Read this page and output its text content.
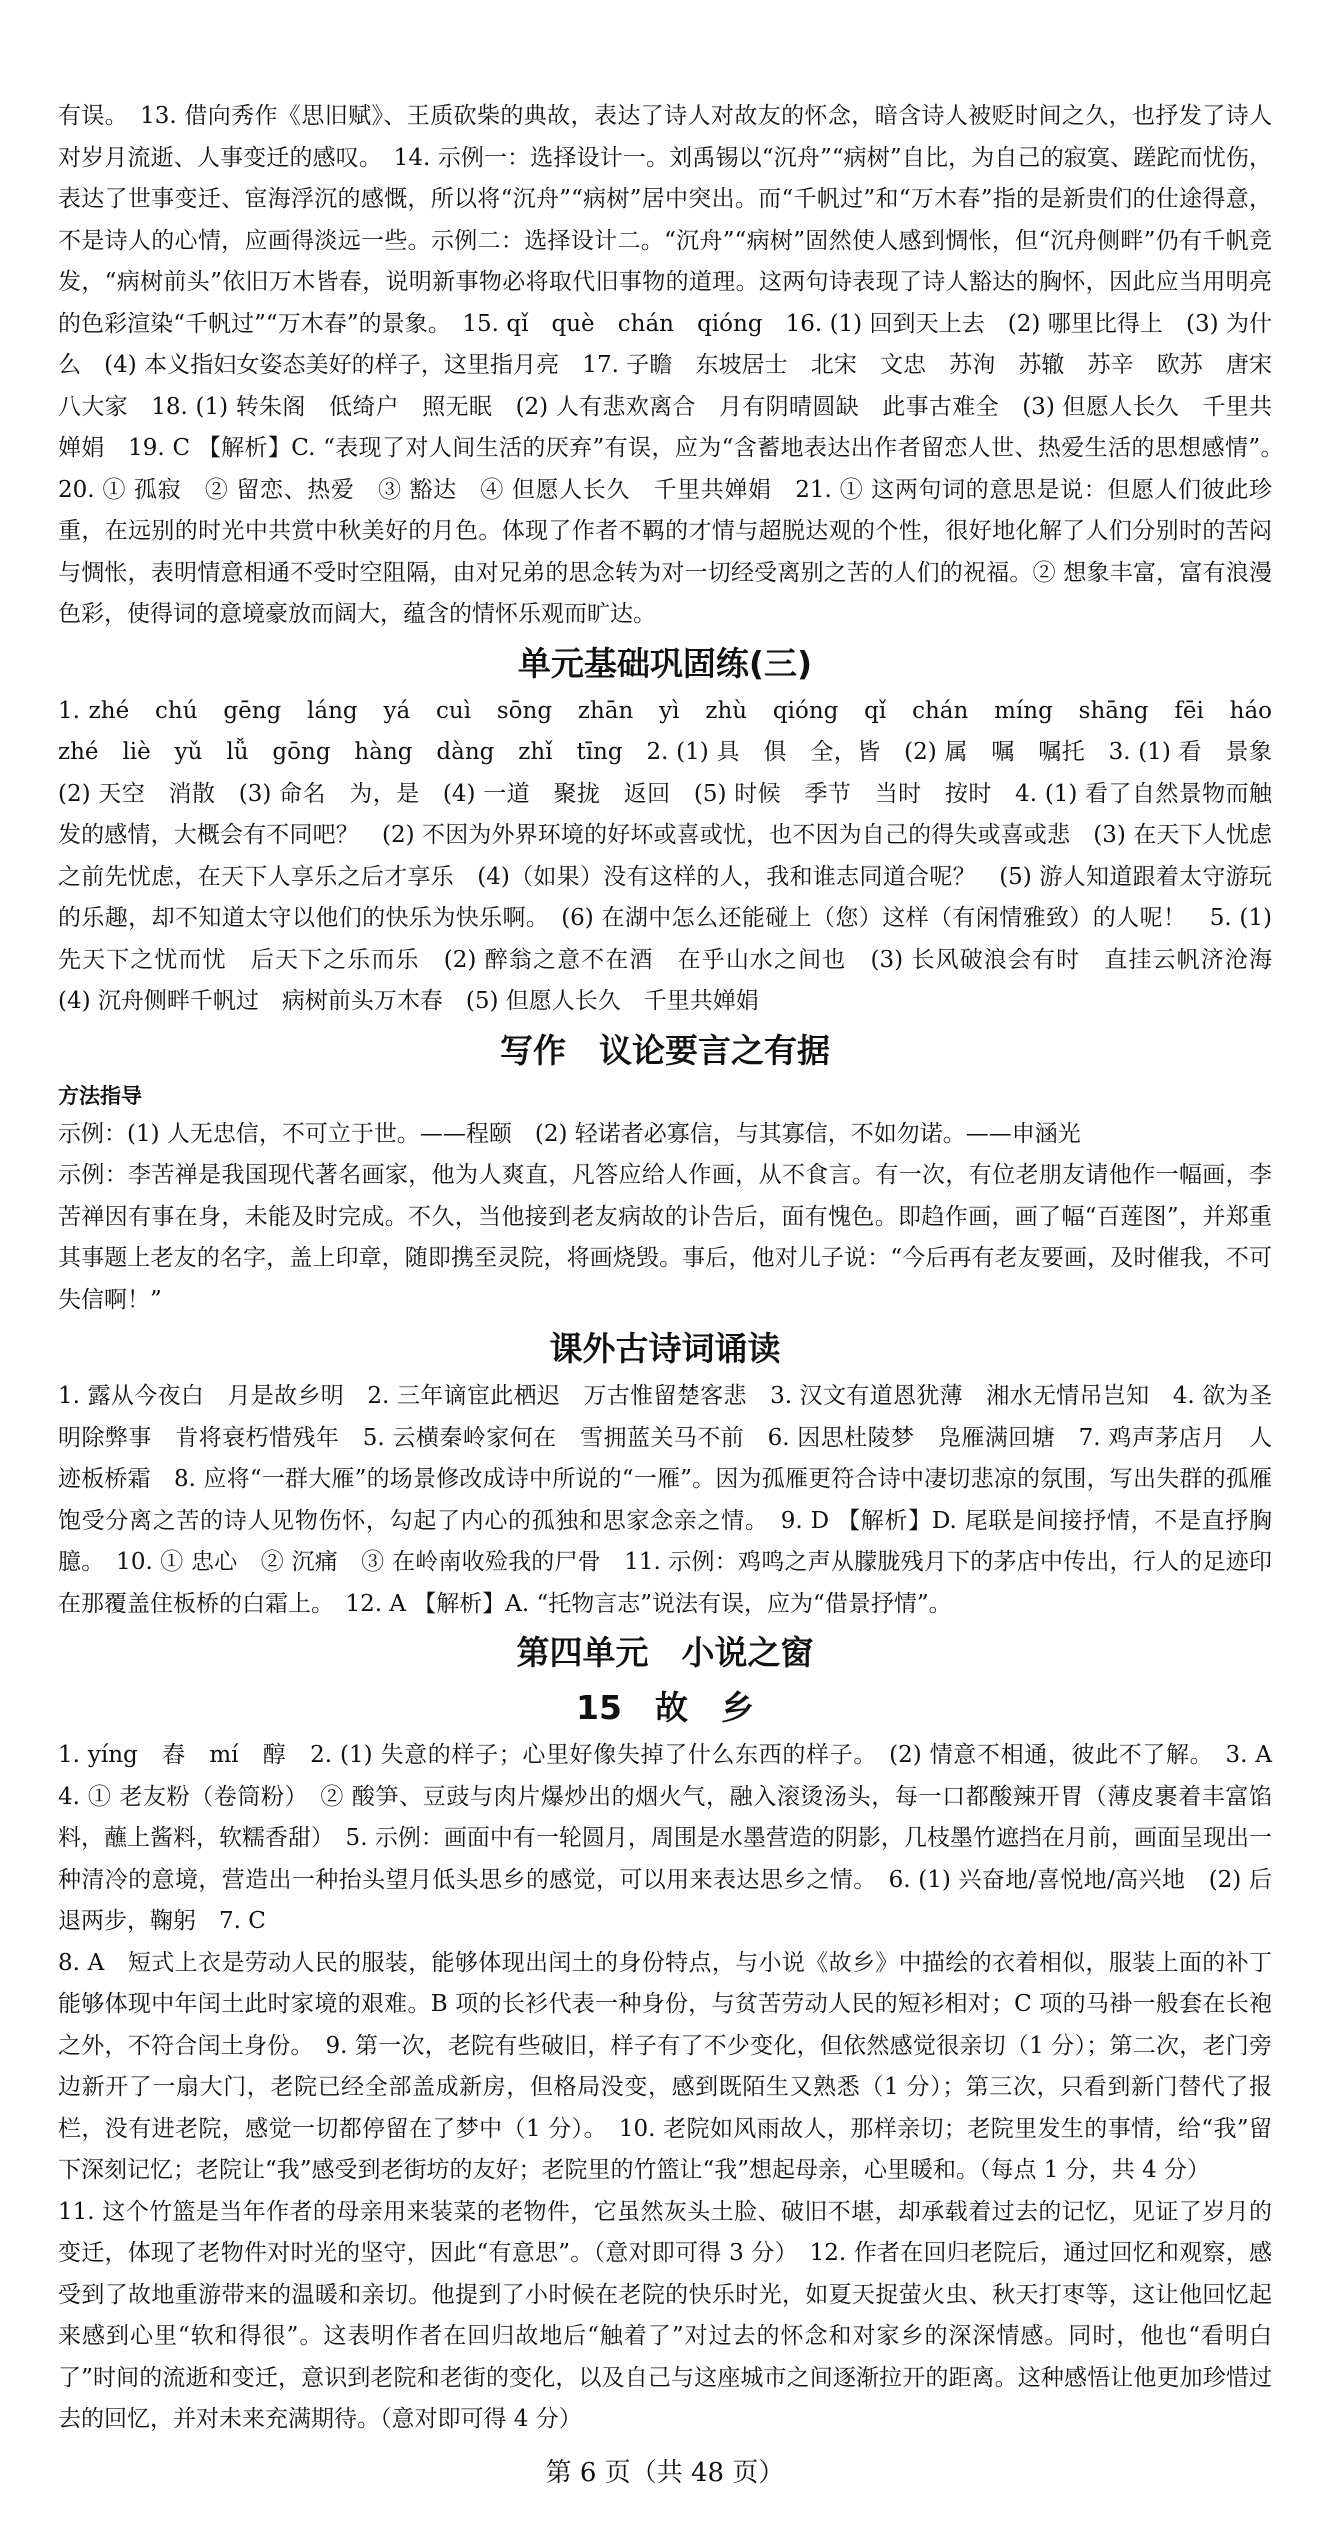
有误。　13. 借向秀作《思旧赋》、王质砍柴的典故，表达了诗人对故友的怀念，暗含诗人被贬时间之久，也抒发了诗人对岁月流逝、人事变迁的感叹。　14. 示例一：选择设计一。刘禹锡以“沉舟”“病树”自比，为自己的寂寞、蹉跎而忧伤，表达了世事变迁、宦海浮沉的感慨，所以将“沉舟”“病树”居中突出。而“千帆过”和“万木春”指的是新贵们的仕途得意，不是诗人的心情，应画得淡远一些。示例二：选择设计二。“沉舟”“病树”固然使人感到惆怅，但“沉舟侧畔”仍有千帆竞发，“病树前头”依旧万木皆春，说明新事物必将取代旧事物的道理。这两句诗表现了诗人豁达的胸怀，因此应当用明亮的色彩渲染“千帆过”“万木春”的景象。　15. qǐ　què　chán　qióng　16. (1) 回到天上去　(2) 哪里比得上　(3) 为什么　(4) 本义指妇女姿态美好的样子，这里指月亮　17. 子瞻　东坡居士　北宋　文忠　苏洵　苏辙　苏辛　欧苏　唐宋八大家　18. (1) 转朱阁　低绮户　照无眠　(2) 人有悲欢离合　月有阴晴圆缺　此事古难全　(3) 但愿人长久　千里共婵娟　19. C 【解析】C. “表现了对人间生活的厌弃”有误，应为“含蓄地表达出作者留恋人世、热爱生活的思想感情”。　20. ① 孤寂　② 留恋、热爱　③ 豁达　④ 但愿人长久　千里共婵娟　21. ① 这两句词的意思是说：但愿人们彼此珍重，在远别的时光中共赏中秋美好的月色。体现了作者不羁的才情与超脱达观的个性，很好地化解了人们分别时的苦闷与惆怅，表明情意相通不受时空阻隔，由对兄弟的思念转为对一切经受离别之苦的人们的祝福。② 想象丰富，富有浪漫色彩，使得词的意境豪放而阔大，蕴含的情怀乐观而旷达。

单元基础巩固练(三)

1. zhé　chú　gēng　láng　yá　cuì　sōng　zhān　yì　zhù　qióng　qǐ　chán　míng　shāng　fēi　háo　zhé　liè　yǔ　lǚ　gōng　hàng　dàng　zhǐ　tīng　2. (1) 具　俱　全，皆　(2) 属　嘱　嘱托　3. (1) 看　景象　(2) 天空　消散　(3) 命名　为，是　(4) 一道　聚拢　返回　(5) 时候　季节　当时　按时　4. (1) 看了自然景物而触发的感情，大概会有不同吧？　(2) 不因为外界环境的好坏或喜或忧，也不因为自己的得失或喜或悲　(3) 在天下人忧虑之前先忧虑，在天下人享乐之后才享乐　(4)（如果）没有这样的人，我和谁志同道合呢？　(5) 游人知道跟着太守游玩的乐趣，却不知道太守以他们的快乐为快乐啊。　(6) 在湖中怎么还能碰上（您）这样（有闲情雅致）的人呢！　5. (1) 先天下之忧而忧　后天下之乐而乐　(2) 醉翁之意不在酒　在乎山水之间也　(3) 长风破浪会有时　直挂云帆济沧海　(4) 沉舟侧畔千帆过　病树前头万木春　(5) 但愿人长久　千里共婵娟

写作　议论要言之有据
方法指导

示例：(1) 人无忠信，不可立于世。——程颐　(2) 轻诺者必寡信，与其寡信，不如勿诺。——申涵光

示例：李苦禅是我国现代著名画家，他为人爽直，凡答应给人作画，从不食言。有一次，有位老朋友请他作一幅画，李苦禅因有事在身，未能及时完成。不久，当他接到老友病故的讣告后，面有愧色。即趋作画，画了幅“百莲图”，并郑重其事题上老友的名字，盖上印章，随即携至灵院，将画烧毁。事后，他对儿子说：“今后再有老友要画，及时催我，不可失信啊！”

课外古诗词诵读

1. 露从今夜白　月是故乡明　2. 三年谪宦此栖迟　万古惟留楚客悲　3. 汉文有道恩犹薄　湘水无情吊岂知　4. 欲为圣明除弊事　肯将衰朽惜残年　5. 云横秦岭家何在　雪拥蓝关马不前　6. 因思杜陵梦　凫雁满回塘　7. 鸡声茅店月　人迹板桥霜　8. 应将“一群大雁”的场景修改成诗中所说的“一雁”。因为孤雁更符合诗中凄切悲凉的氛围，写出失群的孤雁饱受分离之苦的诗人见物伤怀，勾起了内心的孤独和思家念亲之情。　9. D 【解析】D. 尾联是间接抒情，不是直抒胸臆。　10. ① 忠心　② 沉痛　③ 在岭南收殓我的尸骨　11. 示例：鸡鸣之声从朦胧残月下的茅店中传出，行人的足迹印在那覆盖住板桥的白霜上。　12. A 【解析】A. “托物言志”说法有误，应为“借景抒情”。

第四单元　小说之窗
15　故　乡

1. yíng　舂　mí　醇　2. (1) 失意的样子；心里好像失掉了什么东西的样子。　(2) 情意不相通，彼此不了解。　3. A　4. ① 老友粉（卷筒粉）　② 酸笋、豆豉与肉片爆炒出的烟火气，融入滚烫汤头，每一口都酸辣开胃（薄皮裹着丰富馅料，蘸上酱料，软糯香甜）　5. 示例：画面中有一轮圆月，周围是水墨营造的阴影，几枝墨竹遮挡在月前，画面呈现出一种清冷的意境，营造出一种抬头望月低头思乡的感觉，可以用来表达思乡之情。　6. (1) 兴奋地/喜悦地/高兴地　(2) 后退两步，鞠躬　7. C

8. A　短式上衣是劳动人民的服装，能够体现出闰土的身份特点，与小说《故乡》中描绘的衣着相似，服装上面的补丁能够体现中年闰土此时家境的艰难。B 项的长衫代表一种身份，与贫苦劳动人民的短衫相对；C 项的马褂一般套在长袍之外，不符合闰土身份。　9. 第一次，老院有些破旧，样子有了不少变化，但依然感觉很亲切（1 分）；第二次，老门旁边新开了一扇大门，老院已经全部盖成新房，但格局没变，感到既陌生又熟悉（1 分）；第三次，只看到新门替代了报栏，没有进老院，感觉一切都停留在了梦中（1 分）。　10. 老院如风雨故人，那样亲切；老院里发生的事情，给“我”留下深刻记忆；老院让“我”感受到老街坊的友好；老院里的竹篮让“我”想起母亲，心里暖和。（每点 1 分，共 4 分）

11. 这个竹篮是当年作者的母亲用来装菜的老物件，它虽然灰头土脸、破旧不堪，却承载着过去的记忆，见证了岁月的变迁，体现了老物件对时光的坚守，因此“有意思”。（意对即可得 3 分）　12. 作者在回归老院后，通过回忆和观察，感受到了故地重游带来的温暖和亲切。他提到了小时候在老院的快乐时光，如夏天捉萤火虫、秋天打枣等，这让他回忆起来感到心里“软和得很”。这表明作者在回归故地后“触着了”对过去的怀念和对家乡的深深情感。同时，他也“看明白了”时间的流逝和变迁，意识到老院和老街的变化，以及自己与这座城市之间逐渐拉开的距离。这种感悟让他更加珍惜过去的回忆，并对未来充满期待。（意对即可得 4 分）

第 6 页（共 48 页）
